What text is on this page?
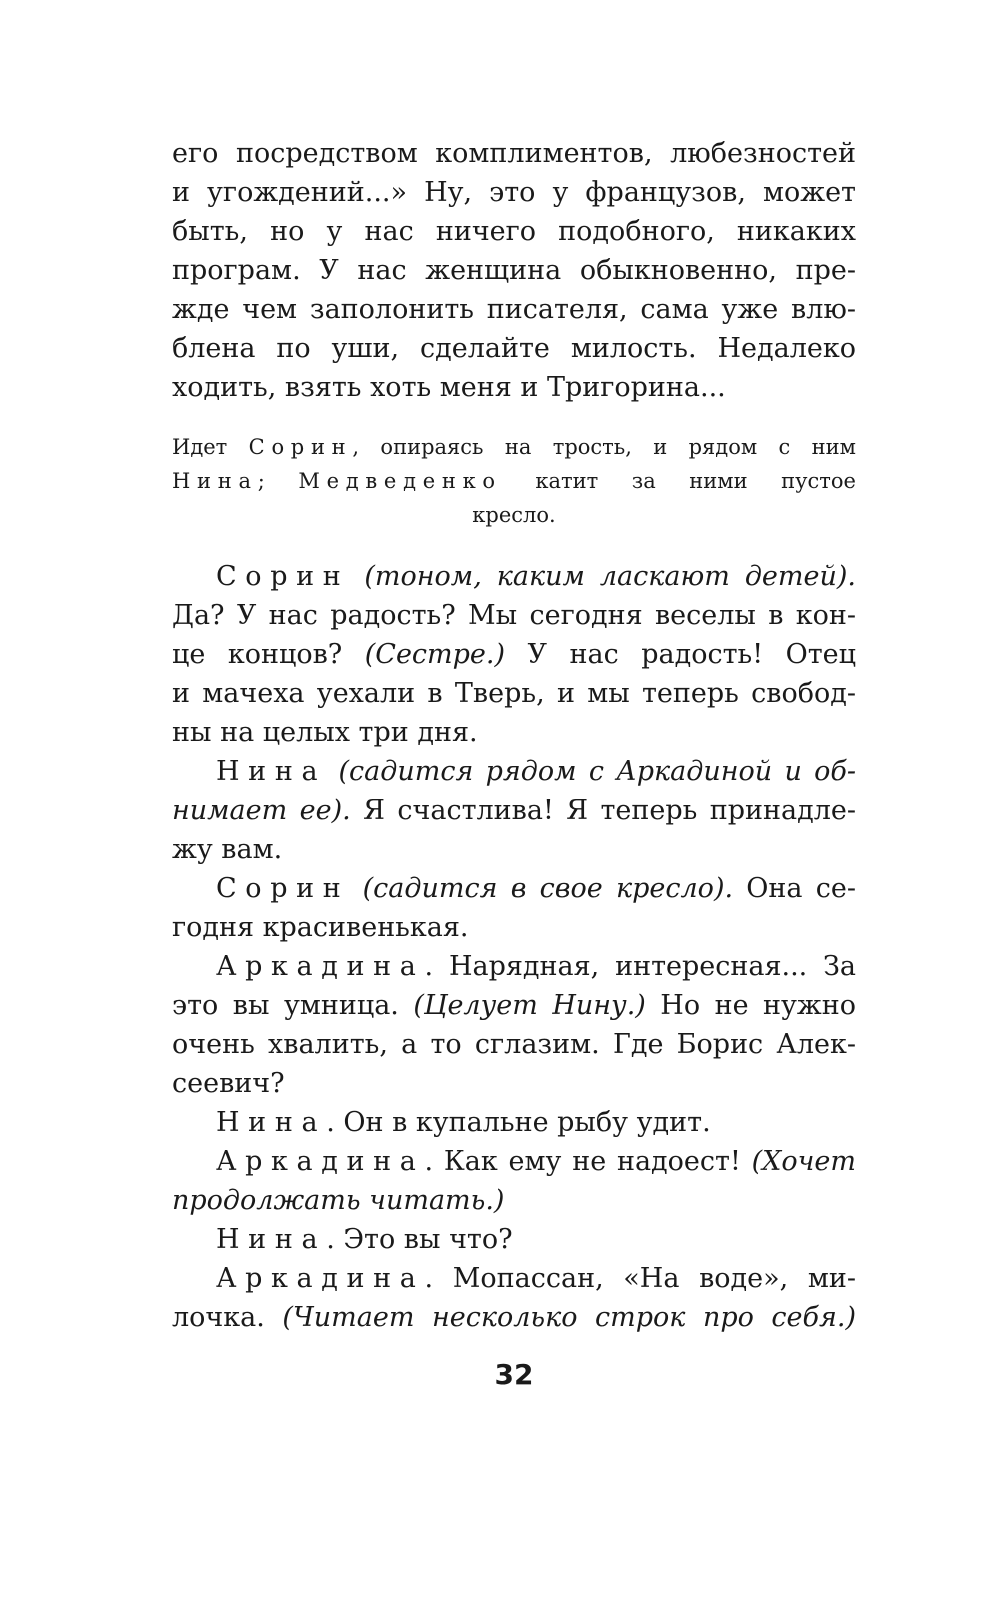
его посредством комплиментов, любезностей
и угождений...» Ну, это у французов, может
быть, но у нас ничего подобного, никаких
програм. У нас женщина обыкновенно, пре-
жде чем заполонить писателя, сама уже влю-
блена по уши, сделайте милость. Недалеко
ходить, взять хоть меня и Тригорина...
Идет Сорин, опираясь на трость, и рядом с ним
Нина; Медведенко катит за ними пустое
кресло.
Сорин (тоном, каким ласкают детей).
Да? У нас радость? Мы сегодня веселы в кон-
це концов? (Сестре.) У нас радость! Отец
и мачеха уехали в Тверь, и мы теперь свобод-
ны на целых три дня.
Нина (садится рядом с Аркадиной и об-
нимает ее). Я счастлива! Я теперь принадле-
жу вам.
Сорин (садится в свое кресло). Она се-
годня красивенькая.
Аркадина. Нарядная, интересная... За
это вы умница. (Целует Нину.) Но не нужно
очень хвалить, а то сглазим. Где Борис Алек-
сеевич?
Нина. Он в купальне рыбу удит.
Аркадина. Как ему не надоест! (Хочет
продолжать читать.)
Нина. Это вы что?
Аркадина. Мопассан, «На воде», ми-
лочка. (Читает несколько строк про себя.)
32
